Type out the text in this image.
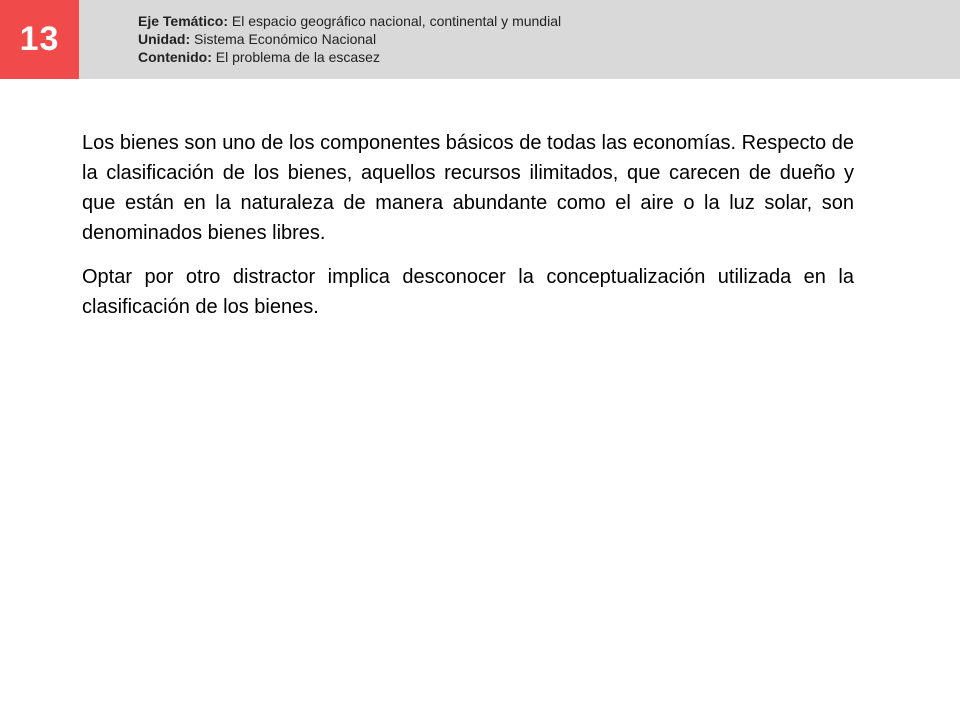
13	Eje Temático: El espacio geográfico nacional, continental y mundial
Unidad: Sistema Económico Nacional
Contenido: El problema de la escasez

Los bienes son uno de los componentes básicos de todas las economías. Respecto de la clasificación de los bienes, aquellos recursos ilimitados, que carecen de dueño y que están en la naturaleza de manera abundante como el aire o la luz solar, son denominados bienes libres.

Optar por otro distractor implica desconocer la conceptualización utilizada en la clasificación de los bienes.
